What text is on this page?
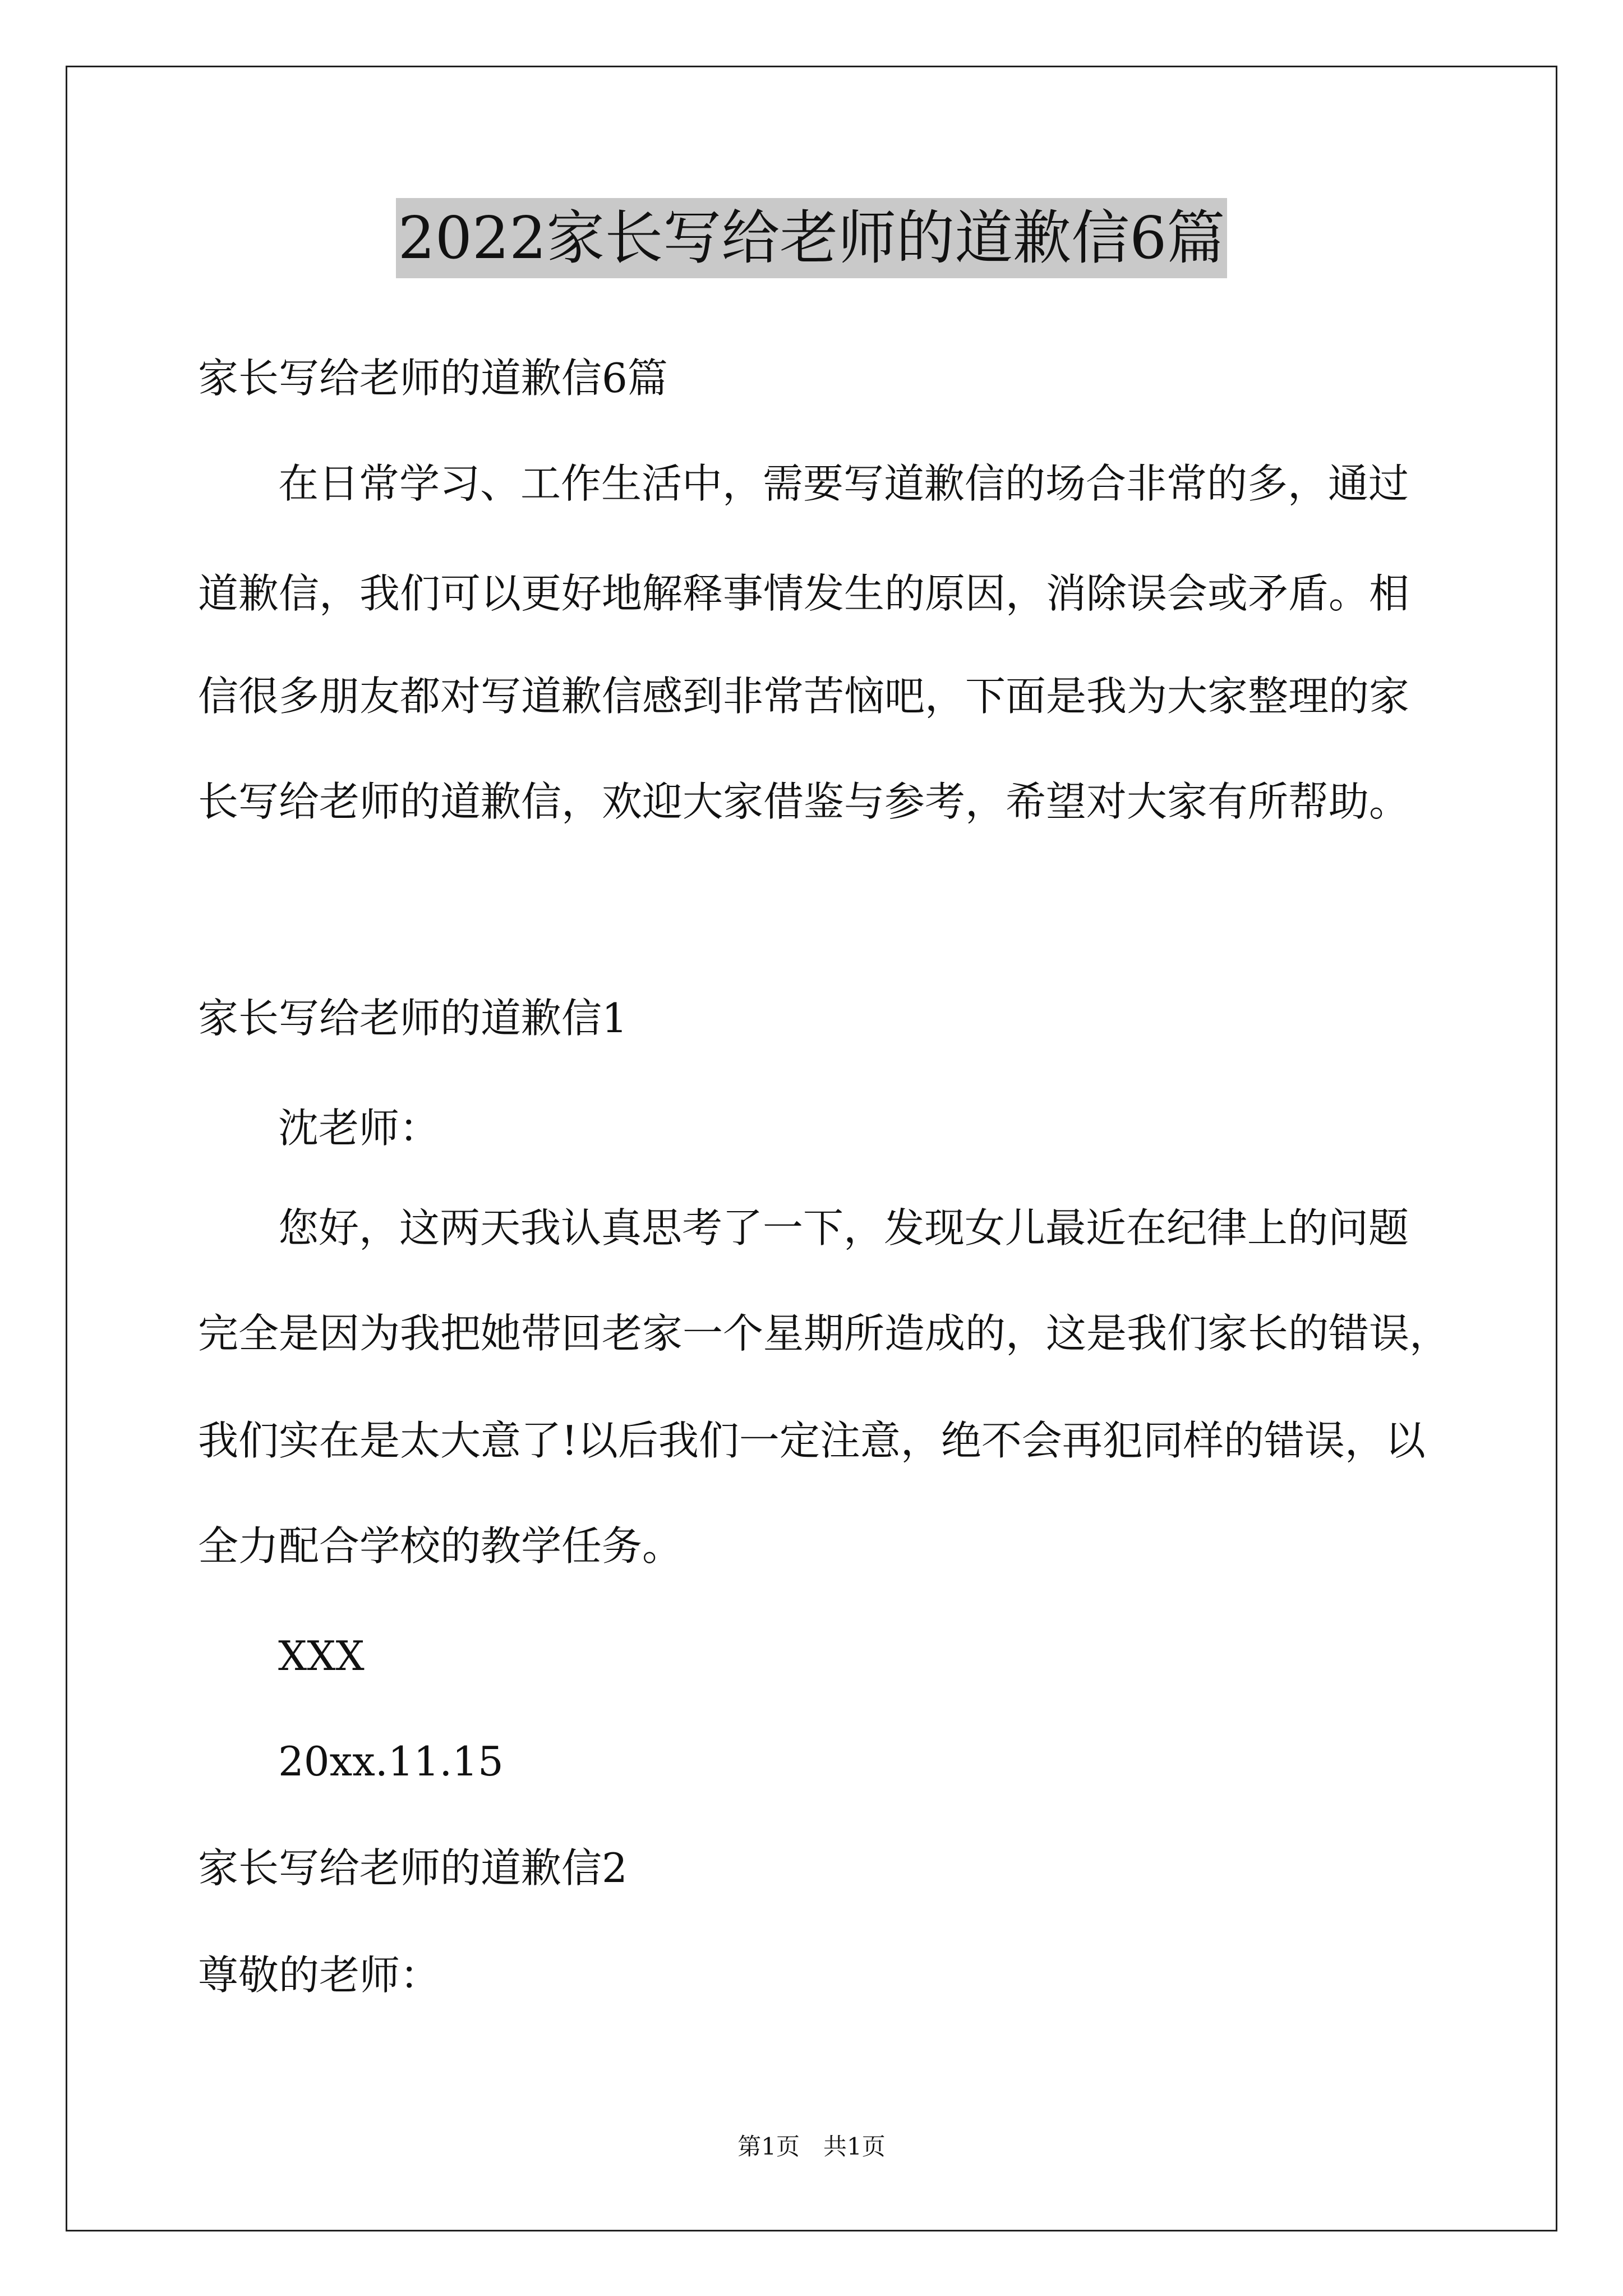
2022家长写给老师的道歉信6篇
家长写给老师的道歉信6篇
在日常学习、工作生活中，需要写道歉信的场合非常的多，通过
道歉信，我们可以更好地解释事情发生的原因，消除误会或矛盾。相
信很多朋友都对写道歉信感到非常苦恼吧，下面是我为大家整理的家
长写给老师的道歉信，欢迎大家借鉴与参考，希望对大家有所帮助。
家长写给老师的道歉信1
沈老师：
您好，这两天我认真思考了一下，发现女儿最近在纪律上的问题
完全是因为我把她带回老家一个星期所造成的，这是我们家长的错误，
我们实在是太大意了!以后我们一定注意，绝不会再犯同样的错误，以
全力配合学校的教学任务。
XXX
20xx.11.15
家长写给老师的道歉信2
尊敬的老师：
第1页 共1页
